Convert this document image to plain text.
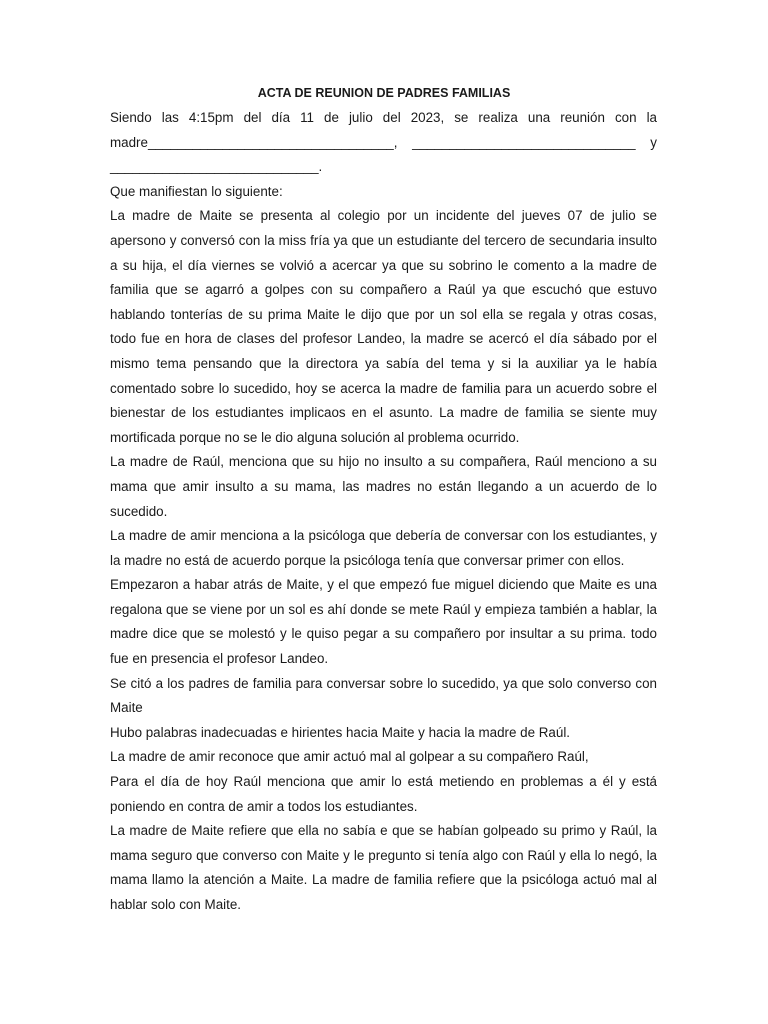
ACTA DE REUNION DE PADRES FAMILIAS
Siendo las 4:15pm del día 11 de julio del 2023, se realiza una reunión con la
madre_________________________________, ______________________________ y
____________________________.

Que manifiestan lo siguiente:

La madre de Maite se presenta al colegio por un incidente del jueves 07 de julio se apersono y conversó con la miss fría ya que un estudiante del tercero de secundaria insulto a su hija, el día viernes se volvió a acercar ya que su sobrino le comento a la madre de familia que se agarró a golpes con su compañero a Raúl ya que escuchó que estuvo hablando tonterías de su prima Maite le dijo que por un sol ella se regala y otras cosas, todo fue en hora de clases del profesor Landeo, la madre se acercó el día sábado por el mismo tema pensando que la directora ya sabía del tema y si la auxiliar ya le había comentado sobre lo sucedido, hoy se acerca la madre de familia para un acuerdo sobre el bienestar de los estudiantes implicaos en el asunto. La madre de familia se siente muy mortificada porque no se le dio alguna solución al problema ocurrido.

La madre de Raúl, menciona que su hijo no insulto a su compañera, Raúl menciono a su mama que amir insulto a su mama, las madres no están llegando a un acuerdo de lo sucedido.

La madre de amir menciona a la psicóloga que debería de conversar con los estudiantes, y la madre no está de acuerdo porque la psicóloga tenía que conversar primer con ellos.

Empezaron a habar atrás de Maite, y el que empezó fue miguel diciendo que Maite es una regalona que se viene por un sol es ahí donde se mete Raúl y empieza también a hablar, la madre dice que se molestó y le quiso pegar a su compañero por insultar a su prima. todo fue en presencia el profesor Landeo.

Se citó a los padres de familia para conversar sobre lo sucedido, ya que solo converso con Maite

Hubo palabras inadecuadas e hirientes hacia Maite y hacia la madre de Raúl.

La madre de amir reconoce que amir actuó mal al golpear a su compañero Raúl,

Para el día de hoy Raúl menciona que amir lo está metiendo en problemas a él y está poniendo en contra de amir a todos los estudiantes.

La madre de Maite refiere que ella no sabía e que se habían golpeado su primo y Raúl, la mama seguro que converso con Maite y le pregunto si tenía algo con Raúl y ella lo negó, la mama llamo la atención a Maite. La madre de familia refiere que la psicóloga actuó mal al hablar solo con Maite.
